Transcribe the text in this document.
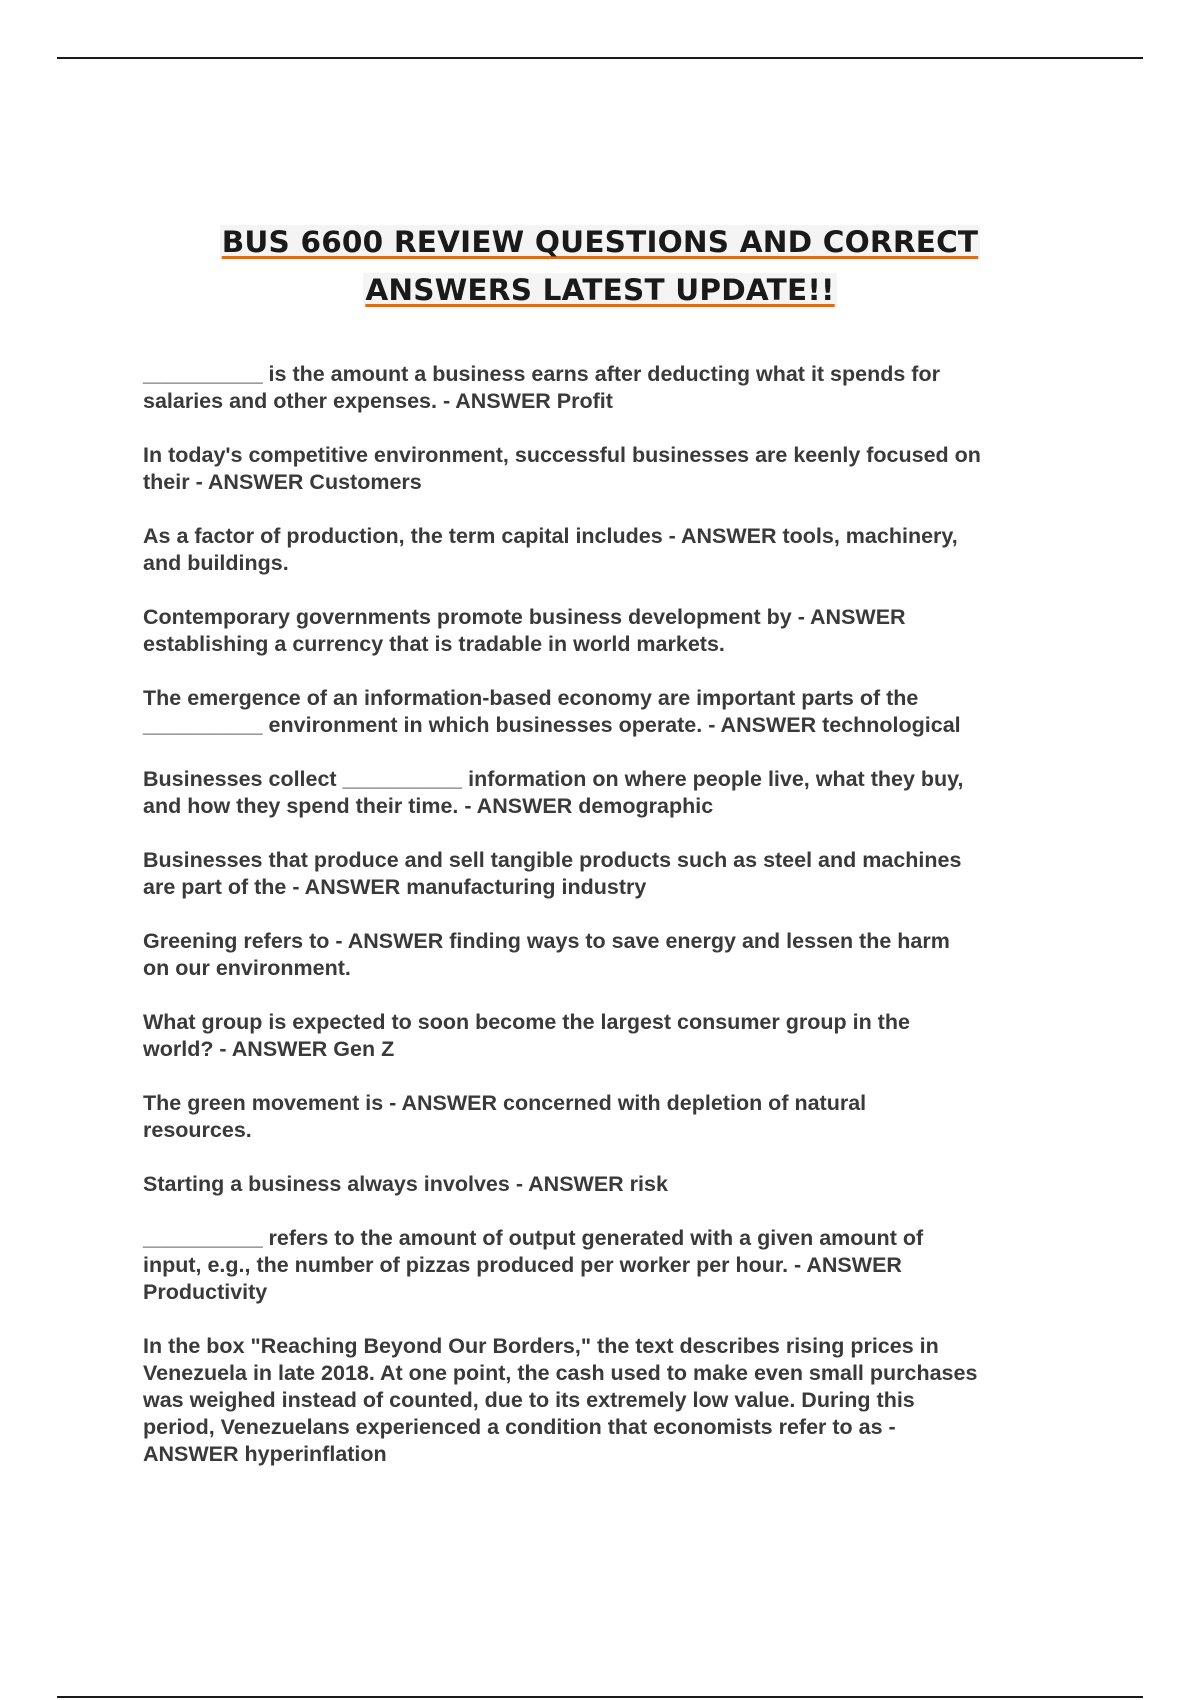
BUS 6600 REVIEW QUESTIONS AND CORRECT
ANSWERS LATEST UPDATE!!

__________ is the amount a business earns after deducting what it spends for
salaries and other expenses. - ANSWER Profit

In today's competitive environment, successful businesses are keenly focused on
their - ANSWER Customers

As a factor of production, the term capital includes - ANSWER tools, machinery,
and buildings.

Contemporary governments promote business development by - ANSWER
establishing a currency that is tradable in world markets.

The emergence of an information-based economy are important parts of the
__________ environment in which businesses operate. - ANSWER technological

Businesses collect __________ information on where people live, what they buy,
and how they spend their time. - ANSWER demographic

Businesses that produce and sell tangible products such as steel and machines
are part of the - ANSWER manufacturing industry

Greening refers to - ANSWER finding ways to save energy and lessen the harm
on our environment.

What group is expected to soon become the largest consumer group in the
world? - ANSWER Gen Z

The green movement is - ANSWER concerned with depletion of natural
resources.

Starting a business always involves - ANSWER risk

__________ refers to the amount of output generated with a given amount of
input, e.g., the number of pizzas produced per worker per hour. - ANSWER
Productivity

In the box "Reaching Beyond Our Borders," the text describes rising prices in
Venezuela in late 2018. At one point, the cash used to make even small purchases
was weighed instead of counted, due to its extremely low value. During this
period, Venezuelans experienced a condition that economists refer to as -
ANSWER hyperinflation
